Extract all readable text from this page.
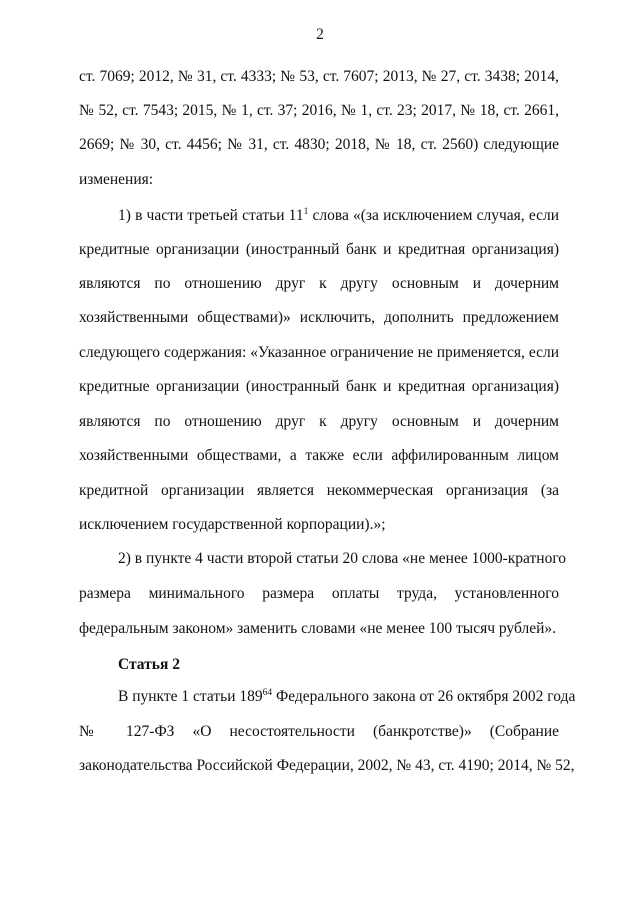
2
ст. 7069; 2012, № 31, ст. 4333; № 53, ст. 7607; 2013, № 27, ст. 3438; 2014,
№ 52, ст. 7543; 2015, № 1, ст. 37; 2016, № 1, ст. 23; 2017, № 18, ст. 2661,
2669; № 30, ст. 4456; № 31, ст. 4830; 2018, № 18, ст. 2560) следующие
изменения:
1) в части третьей статьи $11^1$ слова «(за исключением случая, если
кредитные организации (иностранный банк и кредитная организация)
являются по отношению друг к другу основным и дочерним
хозяйственными обществами)» исключить, дополнить предложением
следующего содержания: «Указанное ограничение не применяется, если
кредитные организации (иностранный банк и кредитная организация)
являются по отношению друг к другу основным и дочерним
хозяйственными обществами, а также если аффилированным лицом
кредитной организации является некоммерческая организация (за
исключением государственной корпорации).»;
2) в пункте 4 части второй статьи 20 слова «не менее 1000-кратного
размера минимального размера оплаты труда, установленного
федеральным законом» заменить словами «не менее 100 тысяч рублей».
Статья 2
В пункте 1 статьи $189^{64}$ Федерального закона от 26 октября 2002 года
№ 127-ФЗ «О несостоятельности (банкротстве)» (Собрание
законодательства Российской Федерации, 2002, № 43, ст. 4190; 2014, № 52,
